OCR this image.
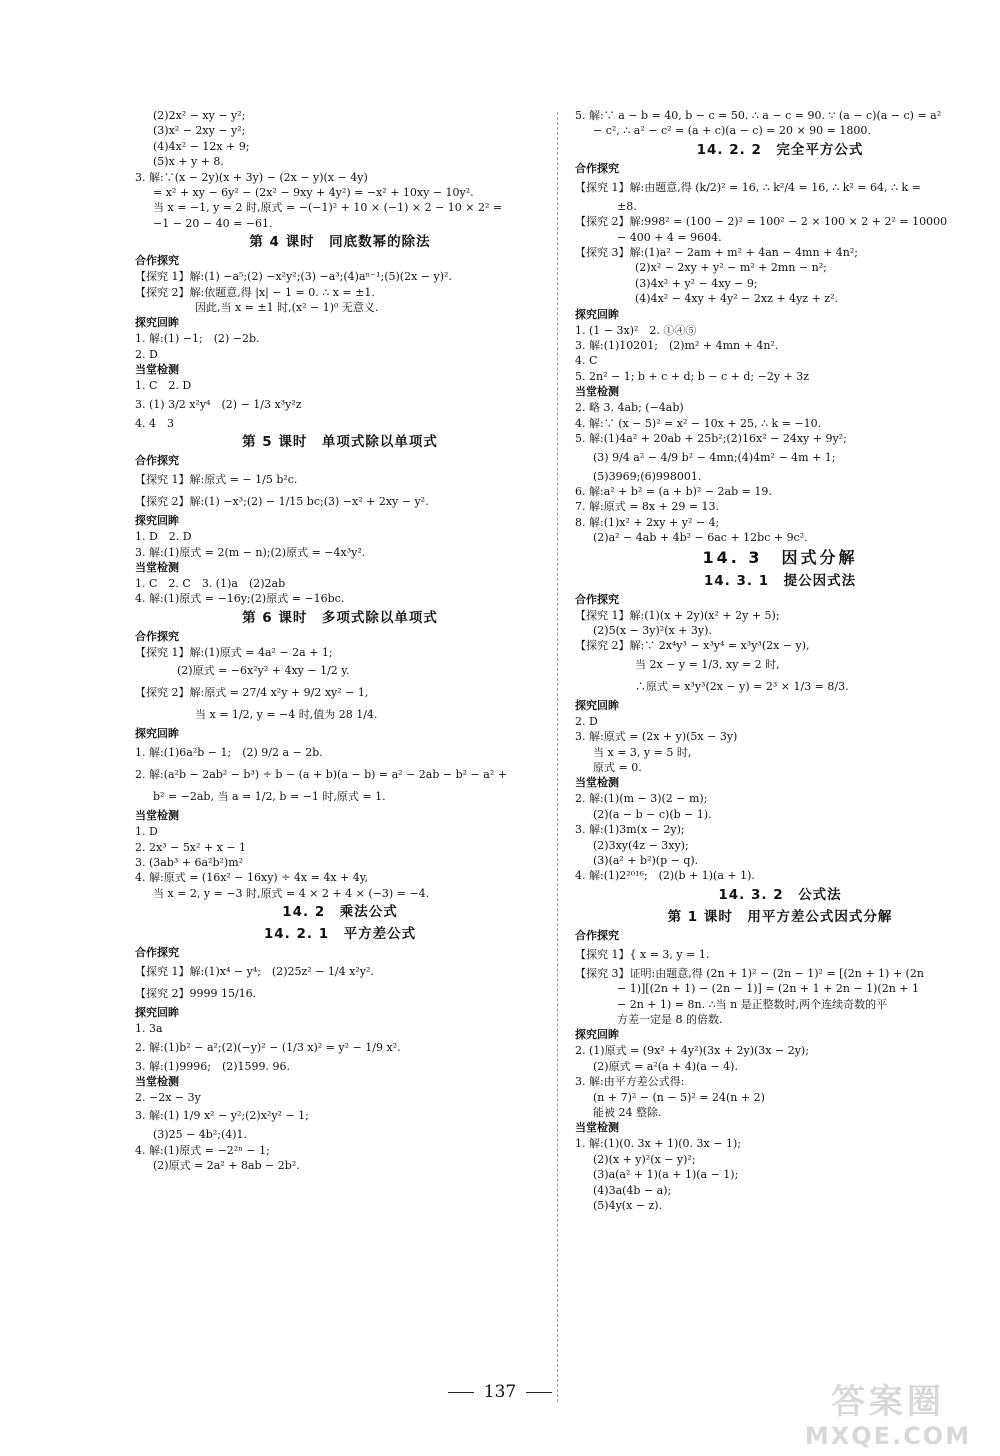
(2)2x² − xy − y²;
(3)x² − 2xy − y²;
(4)4x² − 12x + 9;
(5)x + y + 8.
3. 解:∵(x − 2y)(x + 3y) − (2x − y)(x − 4y)
= x² + xy − 6y² − (2x² − 9xy + 4y²) = −x² + 10xy − 10y².
当 x = −1, y = 2 时,原式 = −(−1)² + 10 × (−1) × 2 − 10 × 2² =
−1 − 20 − 40 = −61.
第 4 课时　同底数幂的除法
合作探究
【探究 1】解:(1) −a⁵;(2) −x²y²;(3) −a³;(4)aⁿ⁻¹;(5)(2x − y)².
【探究 2】解:依题意,得 |x| − 1 = 0. ∴ x = ±1.
因此,当 x = ±1 时,(x² − 1)⁰ 无意义.
探究回眸
1. 解:(1) −1;　(2) −2b.
2. D
当堂检测
1. C　2. D
3. (1) 3/2 x²y⁴　(2) − 1/3 x³y²z
4. 4　3
第 5 课时　单项式除以单项式
合作探究
【探究 1】解:原式 = − 1/5 b²c.
【探究 2】解:(1) −x³;(2) − 1/15 bc;(3) −x² + 2xy − y².
探究回眸
1. D　2. D
3. 解:(1)原式 = 2(m − n);(2)原式 = −4x³y².
当堂检测
1. C　2. C　3. (1)a　(2)2ab
4. 解:(1)原式 = −16y;(2)原式 = −16bc.
第 6 课时　多项式除以单项式
合作探究
【探究 1】解:(1)原式 = 4a² − 2a + 1;
(2)原式 = −6x²y² + 4xy − 1/2 y.
【探究 2】解:原式 = 27/4 x²y + 9/2 xy² − 1,
当 x = 1/2, y = −4 时,值为 28 1/4.
探究回眸
1. 解:(1)6a²b − 1;　(2) 9/2 a − 2b.
2. 解:(a²b − 2ab² − b³) ÷ b − (a + b)(a − b) = a² − 2ab − b² − a² +
b² = −2ab, 当 a = 1/2, b = −1 时,原式 = 1.
当堂检测
1. D
2. 2x³ − 5x² + x − 1
3. (3ab³ + 6a²b²)m²
4. 解:原式 = (16x² − 16xy) ÷ 4x = 4x + 4y,
当 x = 2, y = −3 时,原式 = 4 × 2 + 4 × (−3) = −4.
14. 2　乘法公式
14. 2. 1　平方差公式
合作探究
【探究 1】解:(1)x⁴ − y⁴;　(2)25z² − 1/4 x²y².
【探究 2】9999 15/16.
探究回眸
1. 3a
2. 解:(1)b² − a²;(2)(−y)² − (1/3 x)² = y² − 1/9 x².
3. 解:(1)9996;　(2)1599. 96.
当堂检测
2. −2x − 3y
3. 解:(1) 1/9 x² − y²;(2)x²y² − 1;
(3)25 − 4b²;(4)1.
4. 解:(1)原式 = −2²ⁿ − 1;
(2)原式 = 2a² + 8ab − 2b².
5. 解:∵ a − b = 40, b − c = 50. ∴ a − c = 90. ∵ (a − c)(a − c) = a²
− c², ∴ a² − c² = (a + c)(a − c) = 20 × 90 = 1800.
14. 2. 2　完全平方公式
合作探究
【探究 1】解:由题意,得 (k/2)² = 16, ∴ k²/4 = 16, ∴ k² = 64, ∴ k =
±8.
【探究 2】解:998² = (100 − 2)² = 100² − 2 × 100 × 2 + 2² = 10000
− 400 + 4 = 9604.
【探究 3】解:(1)a² − 2am + m² + 4an − 4mn + 4n²;
(2)x² − 2xy + y² − m² + 2mn − n²;
(3)4x² + y² − 4xy − 9;
(4)4x² − 4xy + 4y² − 2xz + 4yz + z².
探究回眸
1. (1 − 3x)²　2. ①④⑤
3. 解:(1)10201;　(2)m² + 4mn + 4n².
4. C
5. 2n² − 1; b + c + d; b − c + d; −2y + 3z
当堂检测
2. 略 3. 4ab; (−4ab)
4. 解:∵ (x − 5)² = x² − 10x + 25, ∴ k = −10.
5. 解:(1)4a² + 20ab + 25b²;(2)16x² − 24xy + 9y²;
(3) 9/4 a² − 4/9 b² − 4mn;(4)4m² − 4m + 1;
(5)3969;(6)998001.
6. 解:a² + b² = (a + b)² − 2ab = 19.
7. 解:原式 = 8x + 29 = 13.
8. 解:(1)x² + 2xy + y² − 4;
(2)a² − 4ab + 4b² − 6ac + 12bc + 9c².
14. 3　因式分解
14. 3. 1　提公因式法
合作探究
【探究 1】解:(1)(x + 2y)(x² + 2y + 5);
(2)5(x − 3y)²(x + 3y).
【探究 2】解:∵ 2x⁴y³ − x³y⁴ = x³y³(2x − y),
当 2x − y = 1/3, xy = 2 时,
∴原式 = x³y³(2x − y) = 2³ × 1/3 = 8/3.
探究回眸
2. D
3. 解:原式 = (2x + y)(5x − 3y)
当 x = 3, y = 5 时,
原式 = 0.
当堂检测
2. 解:(1)(m − 3)(2 − m);
(2)(a − b − c)(b − 1).
3. 解:(1)3m(x − 2y);
(2)3xy(4z − 3xy);
(3)(a² + b²)(p − q).
4. 解:(1)2²⁰¹⁶;　(2)(b + 1)(a + 1).
14. 3. 2　公式法
第 1 课时　用平方差公式因式分解
合作探究
【探究 1】{ x = 3, y = 1.
【探究 3】证明:由题意,得 (2n + 1)² − (2n − 1)² = [(2n + 1) + (2n
− 1)][(2n + 1) − (2n − 1)] = (2n + 1 + 2n − 1)(2n + 1
− 2n + 1) = 8n. ∴当 n 是正整数时,两个连续奇数的平
方差一定是 8 的倍数.
探究回眸
2. (1)原式 = (9x² + 4y²)(3x + 2y)(3x − 2y);
(2)原式 = a²(a + 4)(a − 4).
3. 解:由平方差公式得:
(n + 7)² − (n − 5)² = 24(n + 2)
能被 24 整除.
当堂检测
1. 解:(1)(0. 3x + 1)(0. 3x − 1);
(2)(x + y)²(x − y)²;
(3)a(a² + 1)(a + 1)(a − 1);
(4)3a(4b − a);
(5)4y(x − z).
137	答案圈
MXQE.COM
